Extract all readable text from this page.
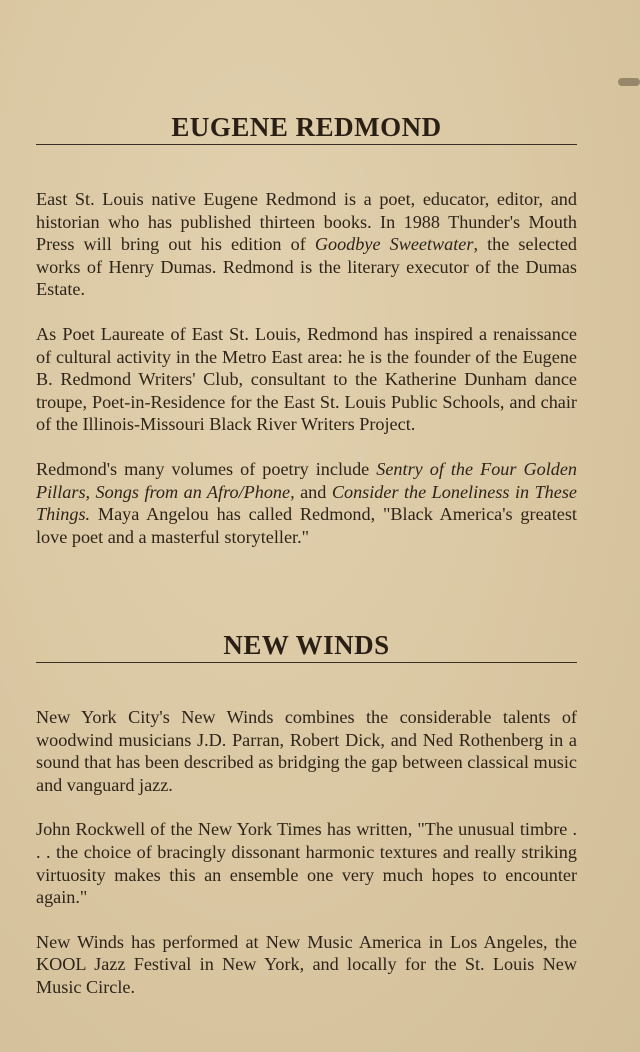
EUGENE REDMOND

East St. Louis native Eugene Redmond is a poet, educator, editor, and historian who has published thirteen books. In 1988 Thunder's Mouth Press will bring out his edition of Goodbye Sweetwater, the selected works of Henry Dumas. Redmond is the literary executor of the Dumas Estate.

As Poet Laureate of East St. Louis, Redmond has inspired a renaissance of cultural activity in the Metro East area: he is the founder of the Eugene B. Redmond Writers' Club, consultant to the Katherine Dunham dance troupe, Poet-in-Residence for the East St. Louis Public Schools, and chair of the Illinois-Missouri Black River Writers Project.

Redmond's many volumes of poetry include Sentry of the Four Golden Pillars, Songs from an Afro/Phone, and Consider the Loneliness in These Things. Maya Angelou has called Redmond, "Black America's greatest love poet and a masterful storyteller."

NEW WINDS

New York City's New Winds combines the considerable talents of woodwind musicians J.D. Parran, Robert Dick, and Ned Rothenberg in a sound that has been described as bridging the gap between classical music and vanguard jazz.

John Rockwell of the New York Times has written, "The unusual timbre . . . the choice of bracingly dissonant harmonic textures and really striking virtuosity makes this an ensemble one very much hopes to encounter again."

New Winds has performed at New Music America in Los Angeles, the KOOL Jazz Festival in New York, and locally for the St. Louis New Music Circle.
